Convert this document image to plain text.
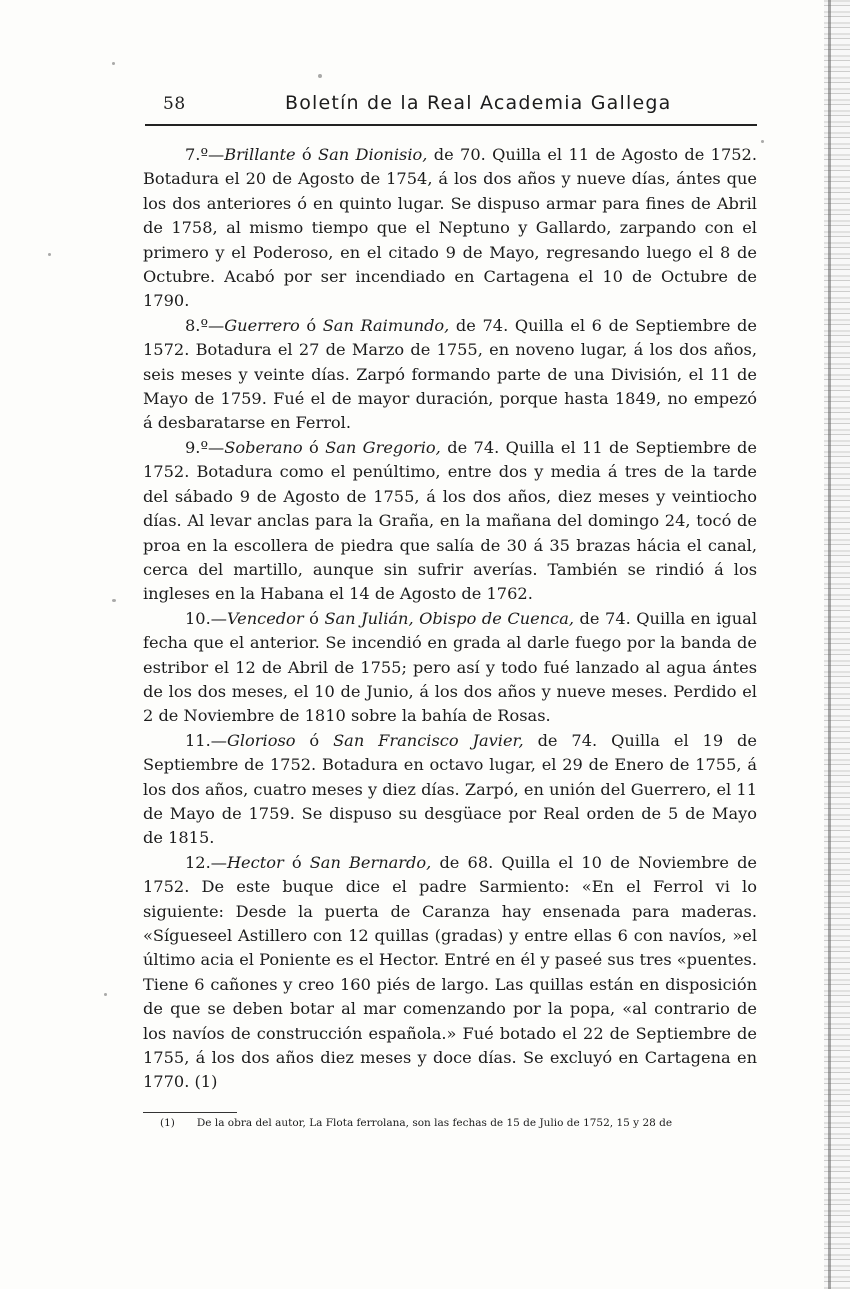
58	Boletín de la Real Academia Gallega

7.º—Brillante ó San Dionisio, de 70. Quilla el 11 de Agosto de 1752. Botadura el 20 de Agosto de 1754, á los dos años y nueve días, ántes que los dos anteriores ó en quinto lugar. Se dispuso armar para fines de Abril de 1758, al mismo tiempo que el Neptuno y Gallardo, zarpando con el primero y el Poderoso, en el citado 9 de Mayo, regresando luego el 8 de Octubre. Acabó por ser incendiado en Cartagena el 10 de Octubre de 1790.

8.º—Guerrero ó San Raimundo, de 74. Quilla el 6 de Septiembre de 1572. Botadura el 27 de Marzo de 1755, en noveno lugar, á los dos años, seis meses y veinte días. Zarpó formando parte de una División, el 11 de Mayo de 1759. Fué el de mayor duración, porque hasta 1849, no empezó á desbaratarse en Ferrol.

9.º—Soberano ó San Gregorio, de 74. Quilla el 11 de Septiembre de 1752. Botadura como el penúltimo, entre dos y media á tres de la tarde del sábado 9 de Agosto de 1755, á los dos años, diez meses y veintiocho días. Al levar anclas para la Graña, en la mañana del domingo 24, tocó de proa en la escollera de piedra que salía de 30 á 35 brazas hácia el canal, cerca del martillo, aunque sin sufrir averías. También se rindió á los ingleses en la Habana el 14 de Agosto de 1762.

10.—Vencedor ó San Julián, Obispo de Cuenca, de 74. Quilla en igual fecha que el anterior. Se incendió en grada al darle fuego por la banda de estribor el 12 de Abril de 1755; pero así y todo fué lanzado al agua ántes de los dos meses, el 10 de Junio, á los dos años y nueve meses. Perdido el 2 de Noviembre de 1810 sobre la bahía de Rosas.

11.—Glorioso ó San Francisco Javier, de 74. Quilla el 19 de Septiembre de 1752. Botadura en octavo lugar, el 29 de Enero de 1755, á los dos años, cuatro meses y diez días. Zarpó, en unión del Guerrero, el 11 de Mayo de 1759. Se dispuso su desgüace por Real orden de 5 de Mayo de 1815.

12.—Hector ó San Bernardo, de 68. Quilla el 10 de Noviembre de 1752. De este buque dice el padre Sarmiento: «En el Ferrol vi lo siguiente: Desde la puerta de Caranza hay ensenada para maderas. «Sígueseel Astillero con 12 quillas (gradas) y entre ellas 6 con navíos, »el último acia el Poniente es el Hector. Entré en él y paseé sus tres «puentes. Tiene 6 cañones y creo 160 piés de largo. Las quillas están en disposición de que se deben botar al mar comenzando por la popa, «al contrario de los navíos de construcción española.» Fué botado el 22 de Septiembre de 1755, á los dos años diez meses y doce días. Se excluyó en Cartagena en 1770. (1)

(1) De la obra del autor, La Flota ferrolana, son las fechas de 15 de Julio de 1752, 15 y 28 de
